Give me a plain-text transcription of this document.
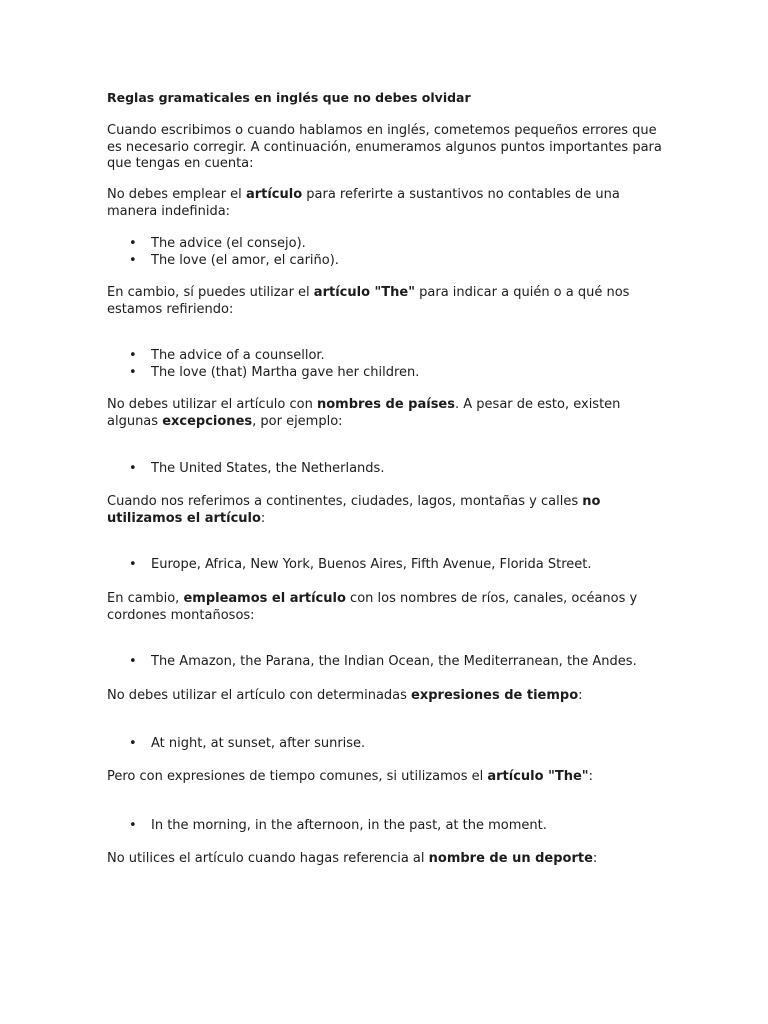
Reglas gramaticales en inglés que no debes olvidar
Cuando escribimos o cuando hablamos en inglés, cometemos pequeños errores que es necesario corregir. A continuación, enumeramos algunos puntos importantes para que tengas en cuenta:
No debes emplear el artículo para referirte a sustantivos no contables de una manera indefinida:
• The advice (el consejo).
• The love (el amor, el cariño).
En cambio, sí puedes utilizar el artículo "The" para indicar a quién o a qué nos estamos refiriendo:
• The advice of a counsellor.
• The love (that) Martha gave her children.
No debes utilizar el artículo con nombres de países. A pesar de esto, existen algunas excepciones, por ejemplo:
• The United States, the Netherlands.
Cuando nos referimos a continentes, ciudades, lagos, montañas y calles no utilizamos el artículo:
• Europe, Africa, New York, Buenos Aires, Fifth Avenue, Florida Street.
En cambio, empleamos el artículo con los nombres de ríos, canales, océanos y cordones montañosos:
• The Amazon, the Parana, the Indian Ocean, the Mediterranean, the Andes.
No debes utilizar el artículo con determinadas expresiones de tiempo:
• At night, at sunset, after sunrise.
Pero con expresiones de tiempo comunes, si utilizamos el artículo "The":
• In the morning, in the afternoon, in the past, at the moment.
No utilices el artículo cuando hagas referencia al nombre de un deporte:
